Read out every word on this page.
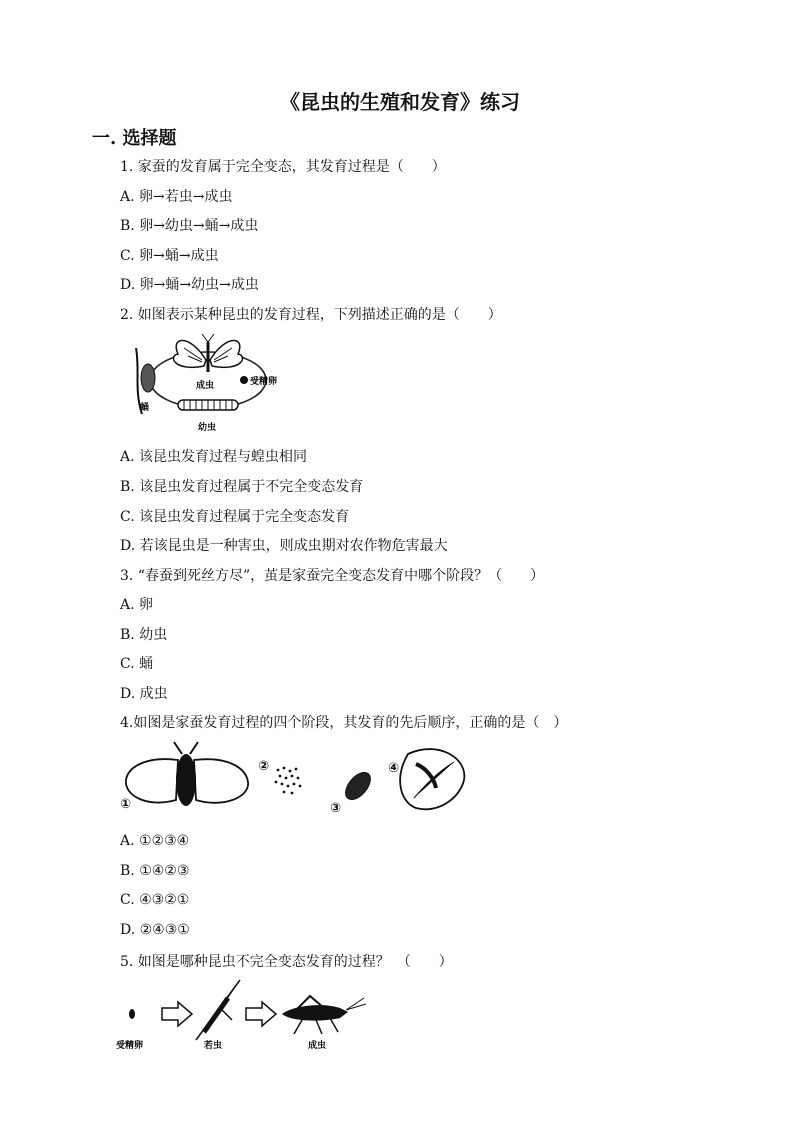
《昆虫的生殖和发育》练习
一. 选择题
1. 家蚕的发育属于完全变态，其发育过程是（　　）
A. 卵→若虫→成虫
B. 卵→幼虫→蛹→成虫
C. 卵→蛹→成虫
D. 卵→蛹→幼虫→成虫
2. 如图表示某种昆虫的发育过程，下列描述正确的是（　　）
成虫	受精卵
蛹
幼虫
A. 该昆虫发育过程与蝗虫相同
B. 该昆虫发育过程属于不完全变态发育
C. 该昆虫发育过程属于完全变态发育
D. 若该昆虫是一种害虫，则成虫期对农作物危害最大
3. “春蚕到死丝方尽”，茧是家蚕完全变态发育中哪个阶段？（　　）
A. 卵
B. 幼虫
C. 蛹
D. 成虫
4.如图是家蚕发育过程的四个阶段，其发育的先后顺序，正确的是（　）
①
②
③
④
A. ①②③④
B. ①④②③
C. ④③②①
D. ②④③①
5. 如图是哪种昆虫不完全变态发育的过程？　（　　）
受精卵	若虫	成虫
